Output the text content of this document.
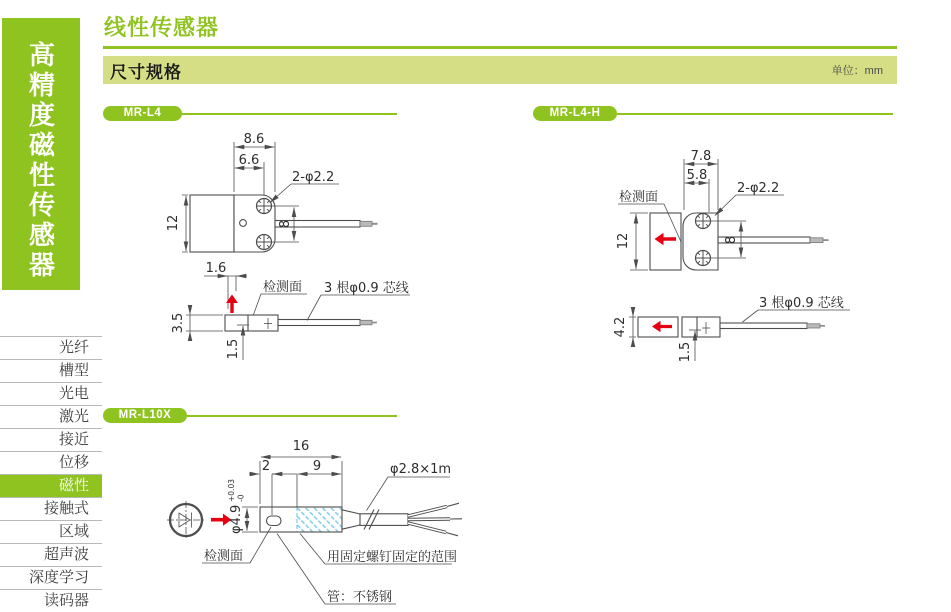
高精度磁性传感器
光纤
槽型
光电
激光
接近
位移
磁性
接触式
区域
超声波
深度学习
读码器
线性传感器
尺寸规格	单位：mm
MR-L4	MR-L4-H
MR-L10X
8.6
6.6
2-φ2.2
12	8
1.6
检测面 3 根φ0.9 芯线
3.5
1.5
7.8
5.8
2-φ2.2
检测面
12	8
3 根φ0.9 芯线
4.2
1.5
16
2	9	φ2.8×1m
φ4.9
+0.03 -0
检测面	用固定螺钉固定的范围
管：不锈钢
